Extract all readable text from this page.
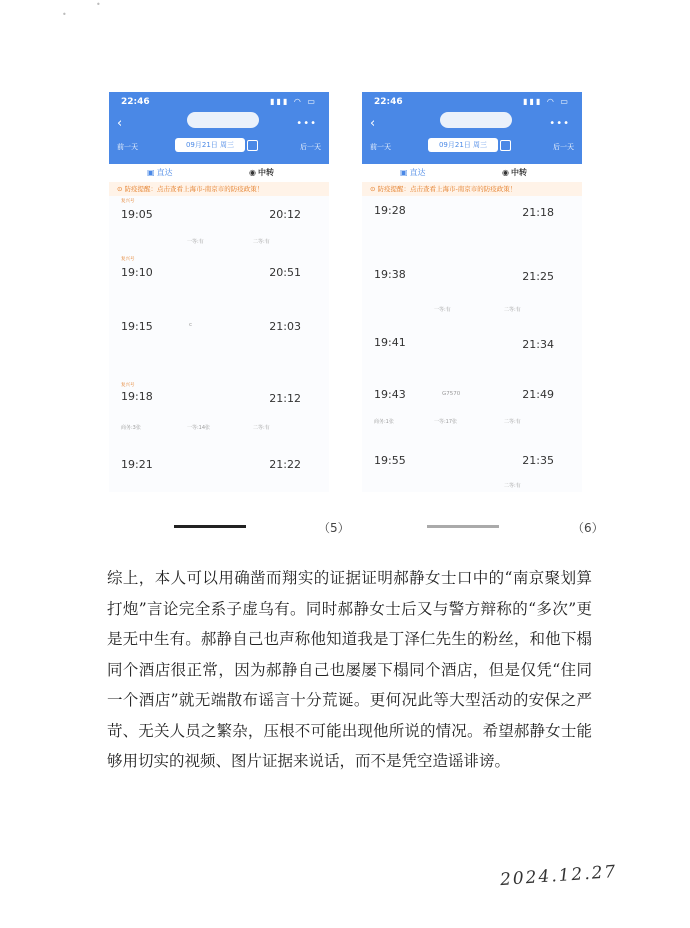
•
•
22:46	▮▮▮ ◠ ▭
‹	•••
前一天	09月21日 周三	后一天
▣ 直达	◉ 中转
⊙ 防疫提醒：点击查看上海市-南京市的防疫政策！
复兴号
19:05	20:12
一等:有	二等:有
复兴号
19:10	20:51
19:15	c	21:03
复兴号
19:18	21:12
商务:3张	一等:14张	二等:有
19:21	21:22
22:46	▮▮▮ ◠ ▭
‹	•••
前一天	09月21日 周三	后一天
▣ 直达	◉ 中转
⊙ 防疫提醒：点击查看上海市-南京市的防疫政策！
19:28	21:18
19:38	21:25
一等:有	二等:有
19:41	21:34
19:43	G7570	21:49
商务:1张	一等:17张	二等:有
19:55	21:35
二等:有
（5）	（6）
综上，本人可以用确凿而翔实的证据证明郝静女士口中的“南京聚划算打炮”言论完全系子虚乌有。同时郝静女士后又与警方辩称的“多次”更是无中生有。郝静自己也声称他知道我是丁泽仁先生的粉丝，和他下榻同个酒店很正常，因为郝静自己也屡屡下榻同个酒店，但是仅凭“住同一个酒店”就无端散布谣言十分荒诞。更何况此等大型活动的安保之严苛、无关人员之繁杂，压根不可能出现他所说的情况。希望郝静女士能够用切实的视频、图片证据来说话，而不是凭空造谣诽谤。
2024.12.27
